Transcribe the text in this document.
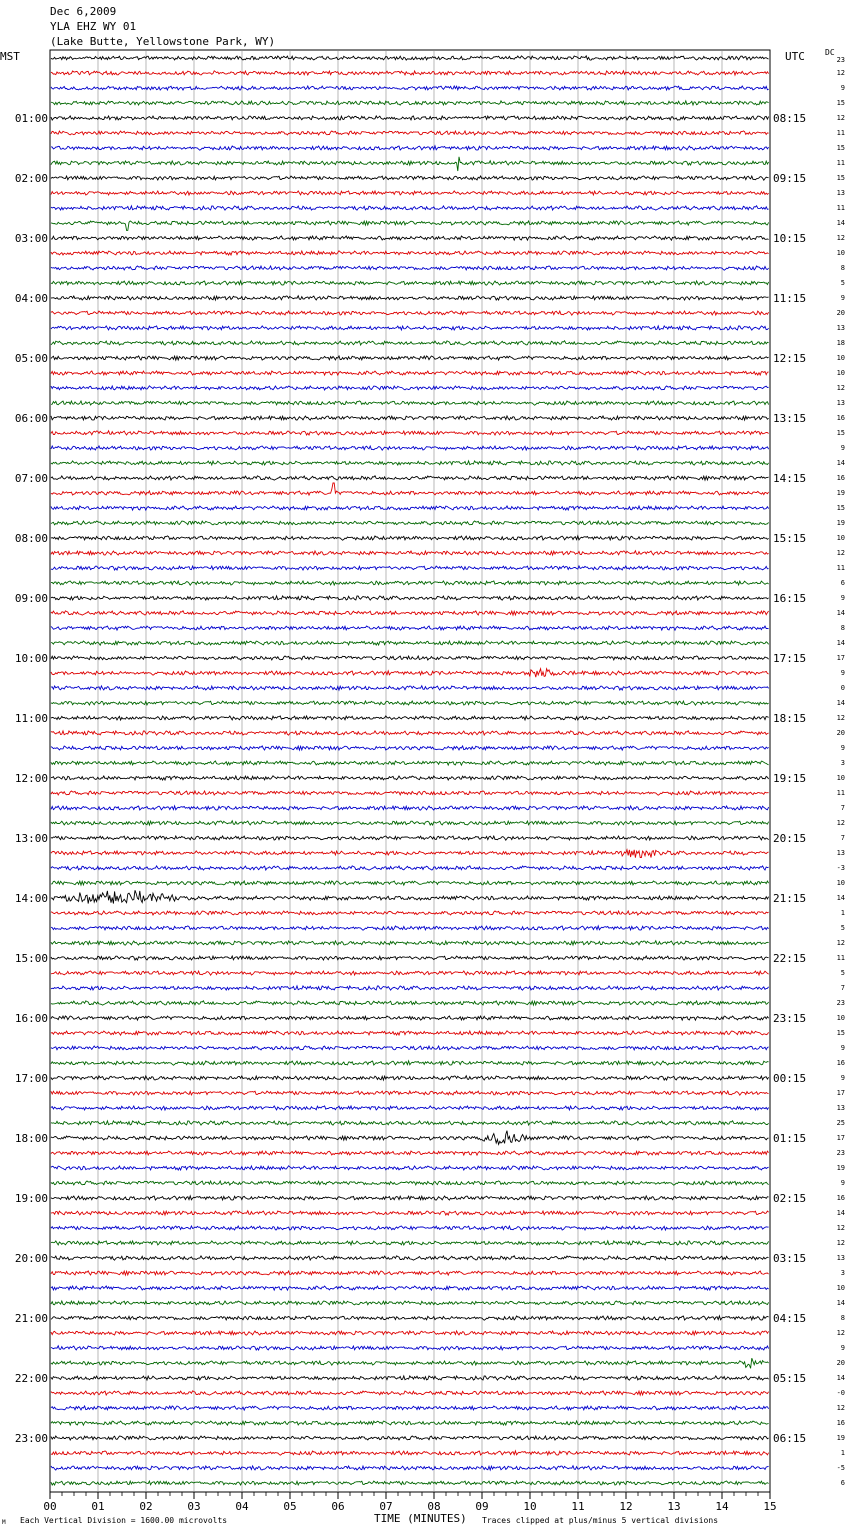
Dec 6,2009
YLA EHZ WY 01
(Lake Butte, Yellowstone Park, WY)
MST	UTC	DC
23
12
9
15
12
11
15
11
15
13
11
14
12
10
8
5
9
20
13
18
10
10
12
13
16
15
9
14
16
19
15
19
10
12
11
6
9
14
8
14
17
9
0
14
12
20
9
3
10
11
7
12
7
13
-3
10
14
1
5
12
11
5
7
23
10
15
9
16
9
17
13
25
17
23
19
9
16
14
12
12
13
3
10
14
8
12
9
20
14
-0
12
16
19
1
-5
6
01:00
02:00
03:00
04:00
05:00
06:00
07:00
08:00
09:00
10:00
11:00
12:00
13:00
14:00
15:00
16:00
17:00
18:00
19:00
20:00
21:00
22:00
23:00
08:15
09:15
10:15
11:15
12:15
13:15
14:15
15:15
16:15
17:15
18:15
19:15
20:15
21:15
22:15
23:15
00:15
01:15
02:15
03:15
04:15
05:15
06:15
00	01	02	03	04	05	06	07	08	09	10	11	12	13	14	15
TIME (MINUTES)
Each Vertical Division = 1600.00 microvolts	Traces clipped at plus/minus 5 vertical divisions
M
